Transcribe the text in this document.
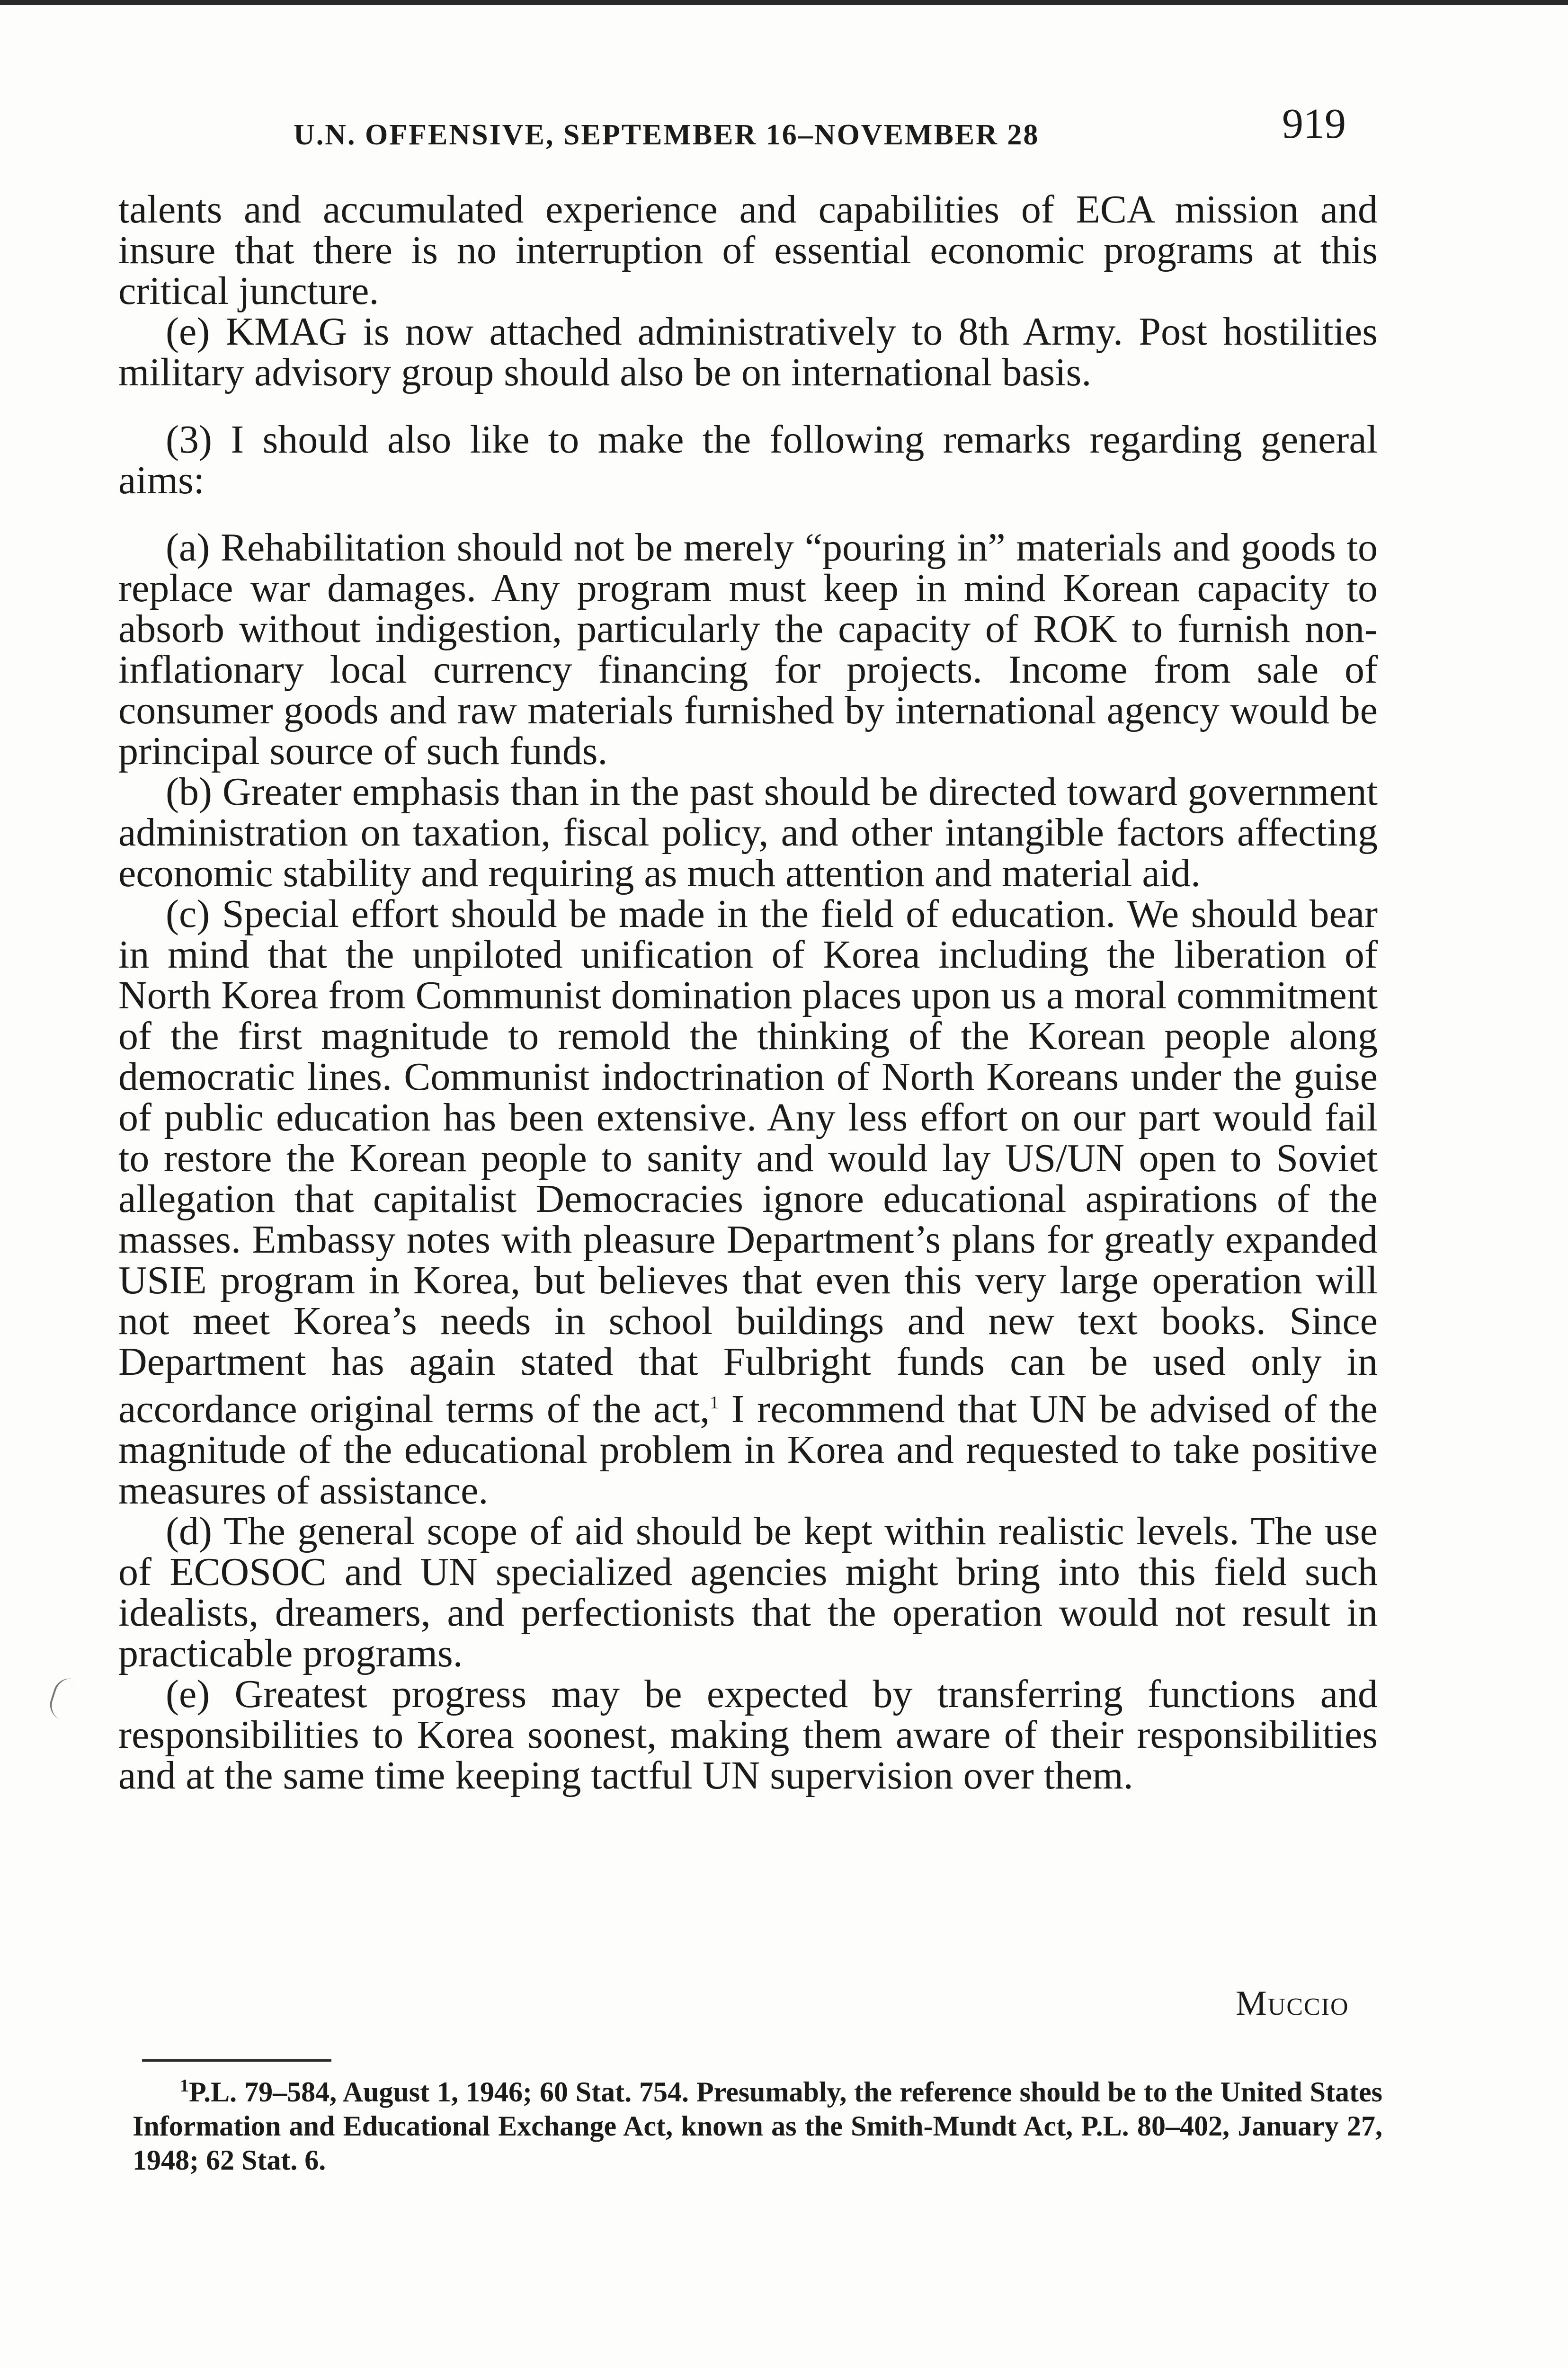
U.N. OFFENSIVE, SEPTEMBER 16–NOVEMBER 28	919

talents and accumulated experience and capabilities of ECA mission and insure that there is no interruption of essential economic programs at this critical juncture.

(e) KMAG is now attached administratively to 8th Army. Post hostilities military advisory group should also be on international basis.

(3) I should also like to make the following remarks regarding general aims:

(a) Rehabilitation should not be merely “pouring in” materials and goods to replace war damages. Any program must keep in mind Korean capacity to absorb without indigestion, particularly the capacity of ROK to furnish non-inflationary local currency financing for projects. Income from sale of consumer goods and raw materials furnished by international agency would be principal source of such funds.

(b) Greater emphasis than in the past should be directed toward government administration on taxation, fiscal policy, and other intangible factors affecting economic stability and requiring as much attention and material aid.

(c) Special effort should be made in the field of education. We should bear in mind that the unpiloted unification of Korea including the liberation of North Korea from Communist domination places upon us a moral commitment of the first magnitude to remold the thinking of the Korean people along democratic lines. Communist indoctrination of North Koreans under the guise of public education has been extensive. Any less effort on our part would fail to restore the Korean people to sanity and would lay US/UN open to Soviet allegation that capitalist Democracies ignore educational aspirations of the masses. Embassy notes with pleasure Department’s plans for greatly expanded USIE program in Korea, but believes that even this very large operation will not meet Korea’s needs in school buildings and new text books. Since Department has again stated that Fulbright funds can be used only in accordance original terms of the act,$^1$ I recommend that UN be advised of the magnitude of the educational problem in Korea and requested to take positive measures of assistance.

(d) The general scope of aid should be kept within realistic levels. The use of ECOSOC and UN specialized agencies might bring into this field such idealists, dreamers, and perfectionists that the operation would not result in practicable programs.

(e) Greatest progress may be expected by transferring functions and responsibilities to Korea soonest, making them aware of their responsibilities and at the same time keeping tactful UN supervision over them.

Muccio
$^1$P.L. 79–584, August 1, 1946; 60 Stat. 754. Presumably, the reference should be to the United States Information and Educational Exchange Act, known as the Smith-Mundt Act, P.L. 80–402, January 27, 1948; 62 Stat. 6.
